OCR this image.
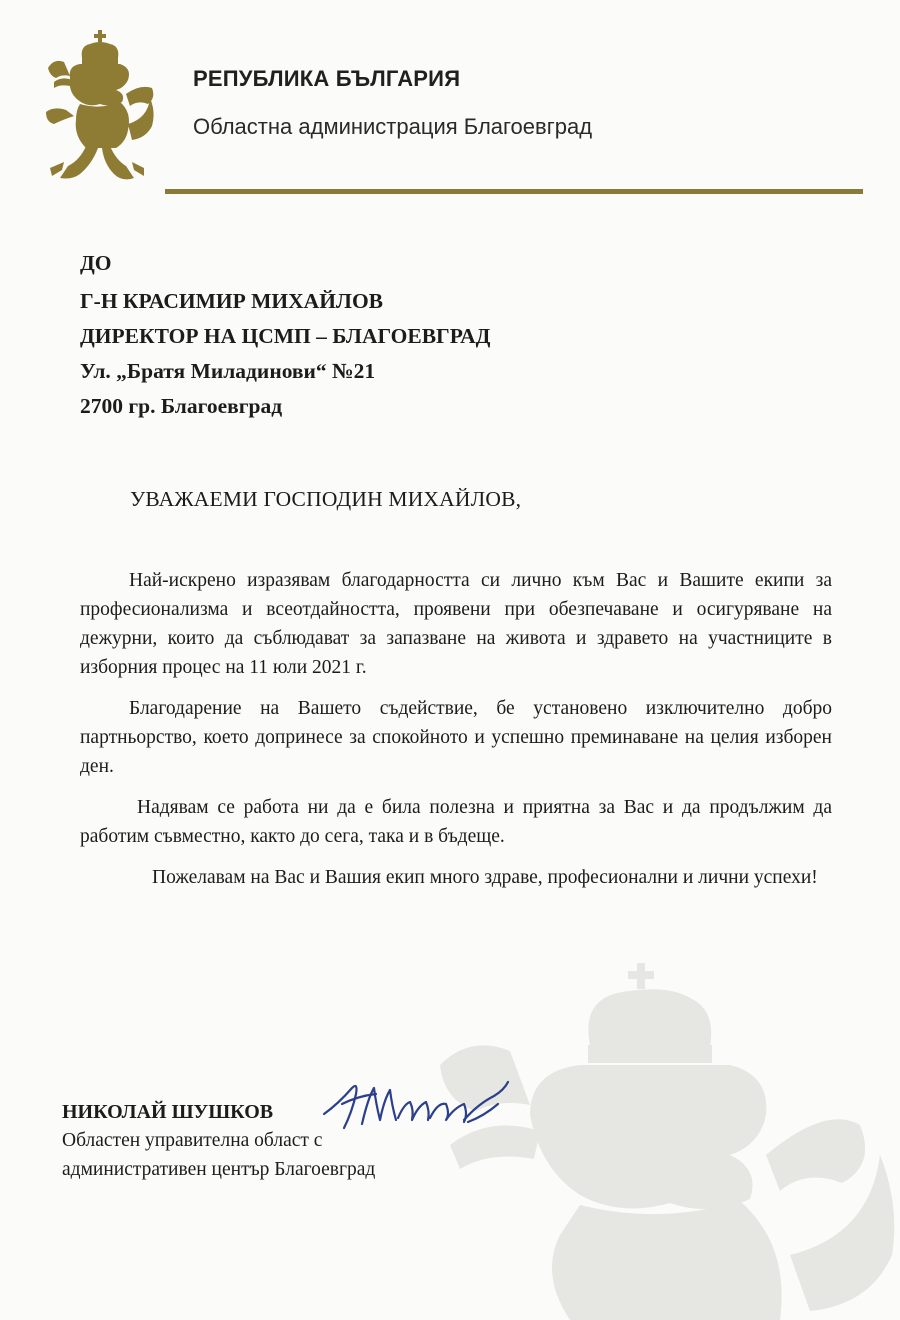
РЕПУБЛИКА БЪЛГАРИЯ
Областна администрация Благоевград
ДО
Г-Н КРАСИМИР МИХАЙЛОВ
ДИРЕКТОР НА ЦСМП – БЛАГОЕВГРАД
Ул. „Братя Миладинови“ №21
2700 гр. Благоевград
УВАЖАЕМИ ГОСПОДИН МИХАЙЛОВ,

Най-искрено изразявам благодарността си лично към Вас и Вашите екипи за професионализма и всеотдайността, проявени при обезпечаване и осигуряване на дежурни, които да съблюдават за запазване на живота и здравето на участниците в изборния процес на 11 юли 2021 г.

Благодарение на Вашето съдействие, бе установено изключително добро партньорство, което допринесе за спокойното и успешно преминаване на целия изборен ден.

Надявам се работа ни да е била полезна и приятна за Вас и да продължим да работим съвместно, както до сега, така и в бъдеще.

Пожелавам на Вас и Вашия екип много здраве, професионални и лични успехи!

НИКОЛАЙ ШУШКОВ
Областен управителна област с
административен център Благоевград
